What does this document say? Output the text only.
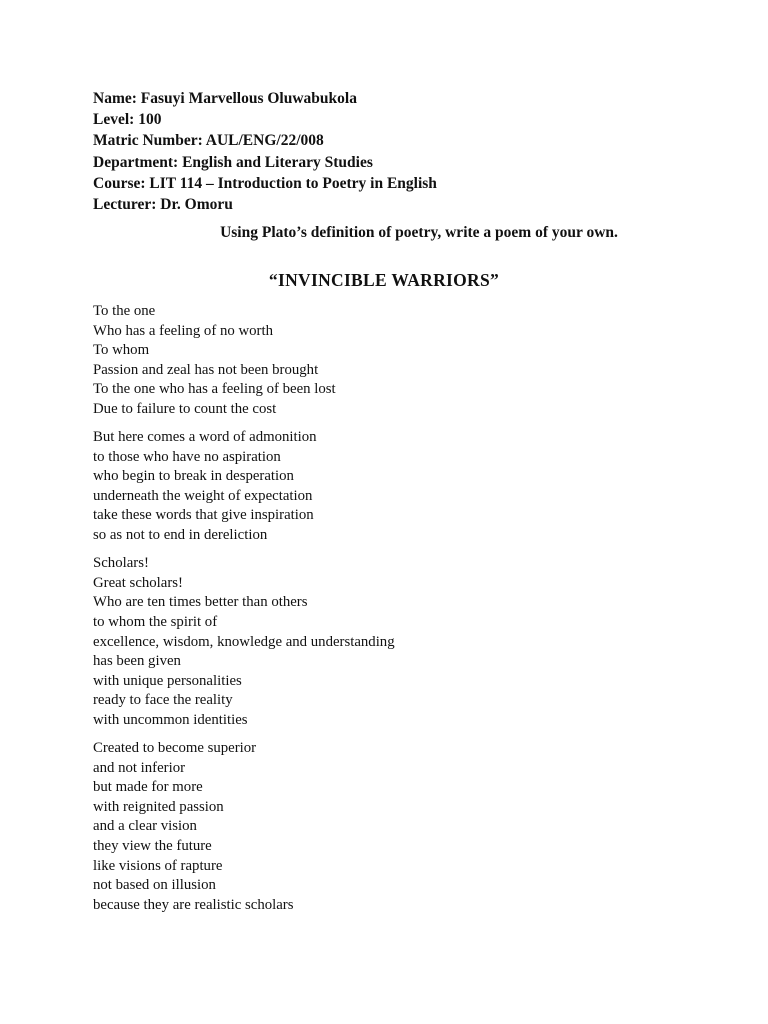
Name: Fasuyi Marvellous Oluwabukola
Level: 100
Matric Number: AUL/ENG/22/008
Department: English and Literary Studies
Course: LIT 114 – Introduction to Poetry in English
Lecturer: Dr. Omoru
Using Plato’s definition of poetry, write a poem of your own.
“INVINCIBLE WARRIORS”
To the one
Who has a feeling of no worth
To whom
Passion and zeal has not been brought
To the one who has a feeling of been lost
Due to failure to count the cost
But here comes a word of admonition
to those who have no aspiration
who begin to break in desperation
underneath the weight of expectation
take these words that give inspiration
so as not to end in dereliction
Scholars!
Great scholars!
Who are ten times better than others
to whom the spirit of
excellence, wisdom, knowledge and understanding
has been given
with unique personalities
ready to face the reality
with uncommon identities
Created to become superior
and not inferior
but made for more
with reignited passion
and a clear vision
they view the future
like visions of rapture
not based on illusion
because they are realistic scholars
